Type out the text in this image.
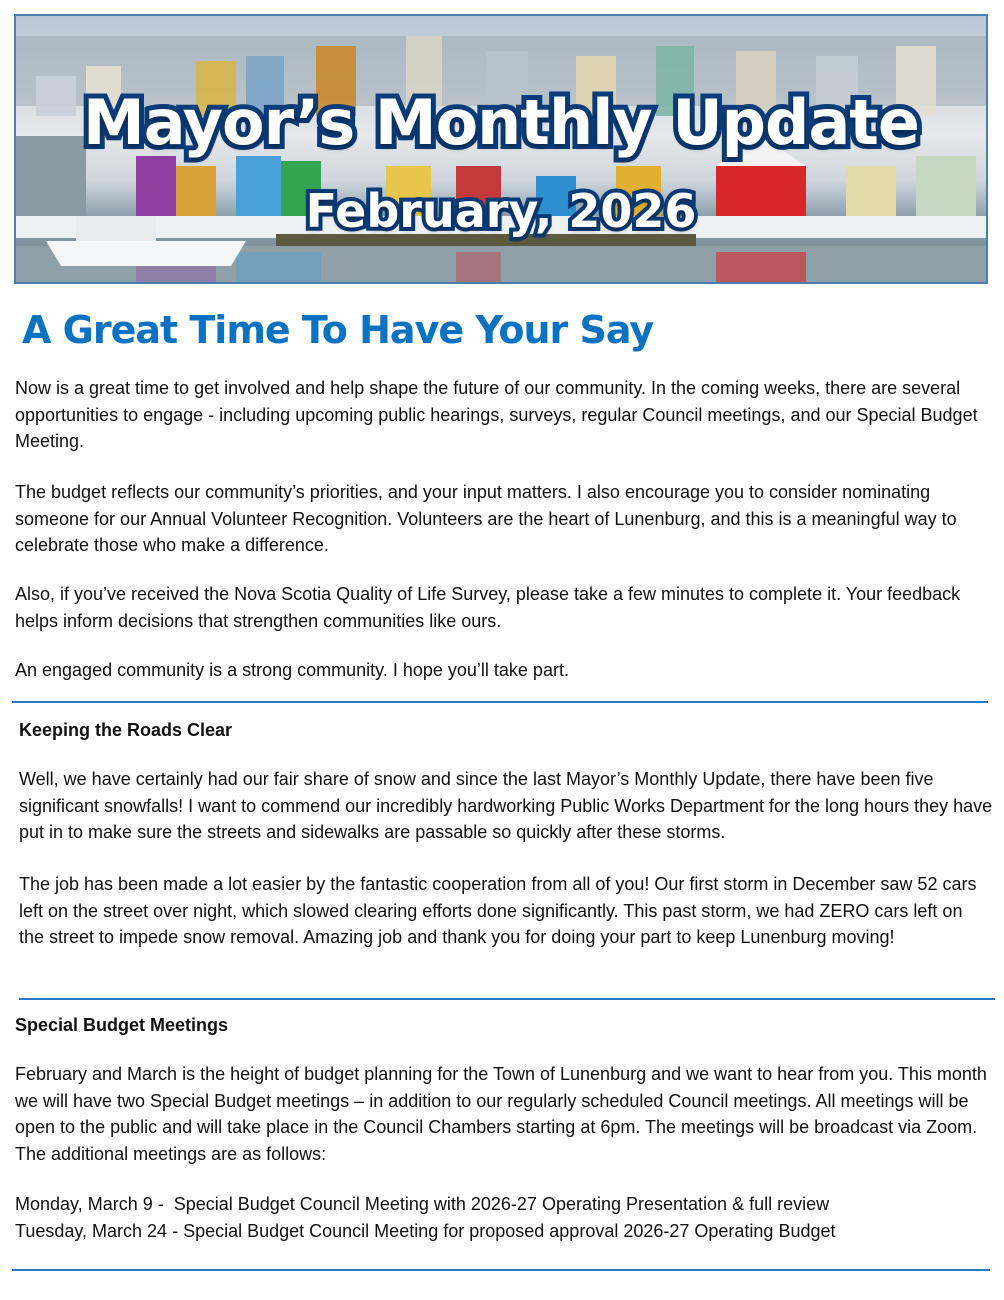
Mayor’s Monthly Update
February, 2026
A Great Time To Have Your Say

Now is a great time to get involved and help shape the future of our community. In the coming weeks, there are several opportunities to engage - including upcoming public hearings, surveys, regular Council meetings, and our Special Budget Meeting.

The budget reflects our community’s priorities, and your input matters. I also encourage you to consider nominating someone for our Annual Volunteer Recognition. Volunteers are the heart of Lunenburg, and this is a meaningful way to celebrate those who make a difference.

Also, if you’ve received the Nova Scotia Quality of Life Survey, please take a few minutes to complete it. Your feedback helps inform decisions that strengthen communities like ours.

An engaged community is a strong community. I hope you’ll take part.

Keeping the Roads Clear

Well, we have certainly had our fair share of snow and since the last Mayor’s Monthly Update, there have been five significant snowfalls! I want to commend our incredibly hardworking Public Works Department for the long hours they have put in to make sure the streets and sidewalks are passable so quickly after these storms.

The job has been made a lot easier by the fantastic cooperation from all of you! Our first storm in December saw 52 cars left on the street over night, which slowed clearing efforts done significantly. This past storm, we had ZERO cars left on the street to impede snow removal. Amazing job and thank you for doing your part to keep Lunenburg moving!

Special Budget Meetings

February and March is the height of budget planning for the Town of Lunenburg and we want to hear from you. This month we will have two Special Budget meetings – in addition to our regularly scheduled Council meetings. All meetings will be open to the public and will take place in the Council Chambers starting at 6pm. The meetings will be broadcast via Zoom. The additional meetings are as follows:

Monday, March 9 -  Special Budget Council Meeting with 2026-27 Operating Presentation & full review
Tuesday, March 24 - Special Budget Council Meeting for proposed approval 2026-27 Operating Budget
